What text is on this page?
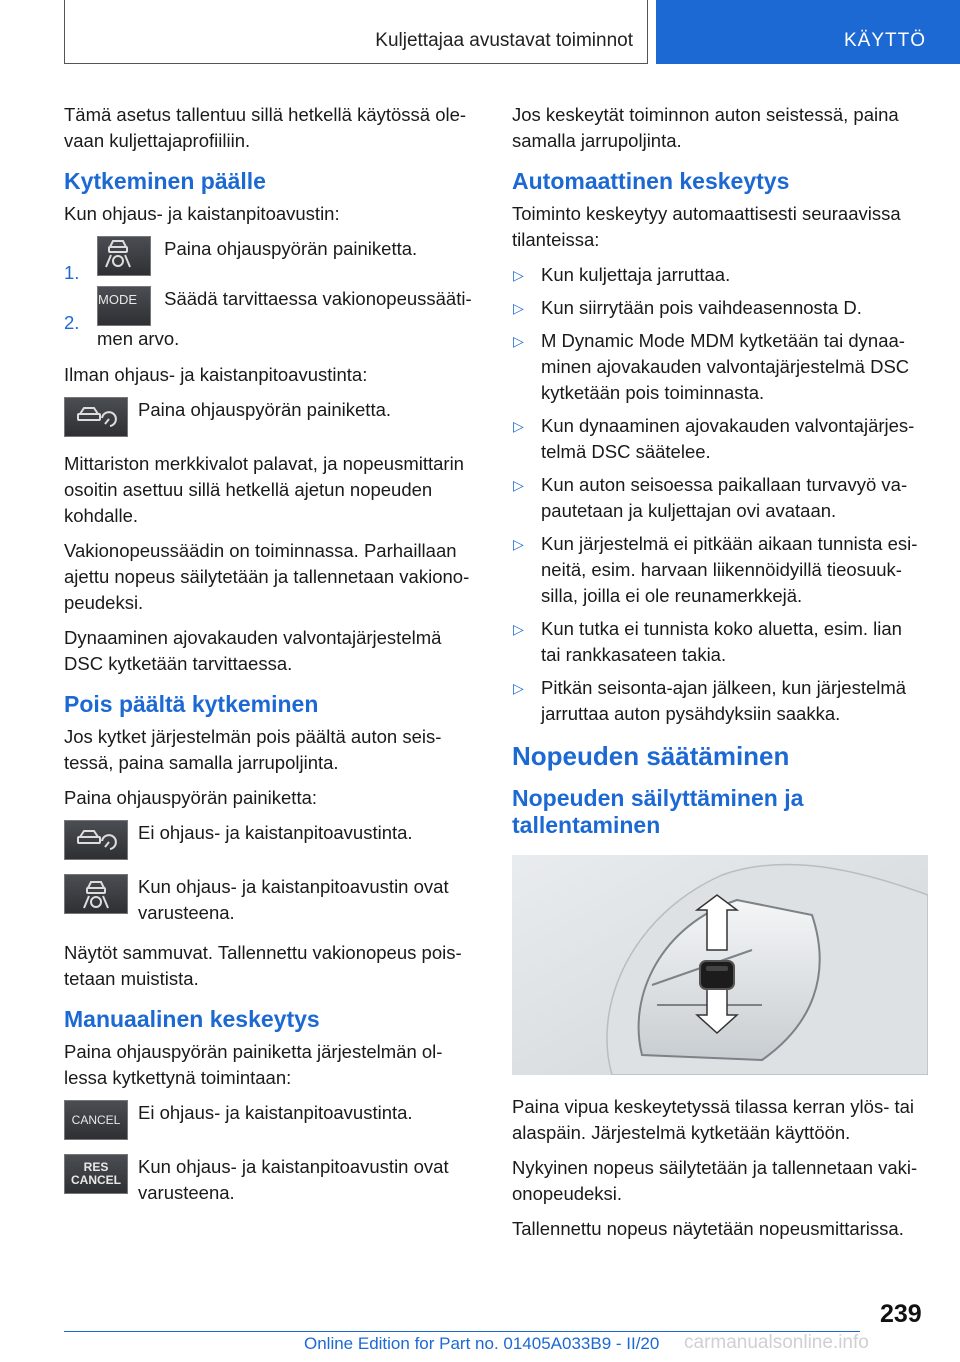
Kuljettajaa avustavat toiminnot	KÄYTTÖ

Tämä asetus tallentuu sillä hetkellä käytössä olevaan kuljettajaprofiiliin.

Kytkeminen päälle

Kun ohjaus- ja kaistanpitoavustin:

1.
Paina ohjauspyörän painiketta.
2.
MODE Säädä tarvittaessa vakionopeussäätimen arvo.

Ilman ohjaus- ja kaistanpitoavustinta:

Paina ohjauspyörän painiketta.

Mittariston merkkivalot palavat, ja nopeusmittarin osoitin asettuu sillä hetkellä ajetun nopeuden kohdalle.

Vakionopeussäädin on toiminnassa. Parhaillaan ajettu nopeus säilytetään ja tallennetaan vakionopeudeksi.

Dynaaminen ajovakauden valvontajärjestelmä DSC kytketään tarvittaessa.

Pois päältä kytkeminen

Jos kytket järjestelmän pois päältä auton seistessä, paina samalla jarrupoljinta.

Paina ohjauspyörän painiketta:

Ei ohjaus- ja kaistanpitoavustinta.
Kun ohjaus- ja kaistanpitoavustin ovat varusteena.

Näytöt sammuvat. Tallennettu vakionopeus poistetaan muistista.

Manuaalinen keskeytys

Paina ohjauspyörän painiketta järjestelmän ollessa kytkettynä toimintaan:

CANCEL Ei ohjaus- ja kaistanpitoavustinta.
RES
CANCEL
Kun ohjaus- ja kaistanpitoavustin ovat varusteena.

Jos keskeytät toiminnon auton seistessä, paina samalla jarrupoljinta.

Automaattinen keskeytys

Toiminto keskeytyy automaattisesti seuraavissa tilanteissa:

▷ Kun kuljettaja jarruttaa.
▷ Kun siirrytään pois vaihdeasennosta D.
▷ M Dynamic Mode MDM kytketään tai dynaaminen ajovakauden valvontajärjestelmä DSC kytketään pois toiminnasta.
▷ Kun dynaaminen ajovakauden valvontajärjestelmä DSC säätelee.
▷ Kun auton seisoessa paikallaan turvavyö vapautetaan ja kuljettajan ovi avataan.
▷ Kun järjestelmä ei pitkään aikaan tunnista esineitä, esim. harvaan liikennöidyillä tieosuuksilla, joilla ei ole reunamerkkejä.
▷ Kun tutka ei tunnista koko aluetta, esim. lian tai rankkasateen takia.
▷ Pitkän seisonta-ajan jälkeen, kun järjestelmä jarruttaa auton pysähdyksiin saakka.
Nopeuden säätäminen
Nopeuden säilyttäminen ja tallentaminen

Paina vipua keskeytetyssä tilassa kerran ylös- tai alaspäin. Järjestelmä kytketään käyttöön.

Nykyinen nopeus säilytetään ja tallennetaan vakionopeudeksi.

Tallennettu nopeus näytetään nopeusmittarissa.

239
Online Edition for Part no. 01405A033B9 - II/20 carmanualsonline.info
